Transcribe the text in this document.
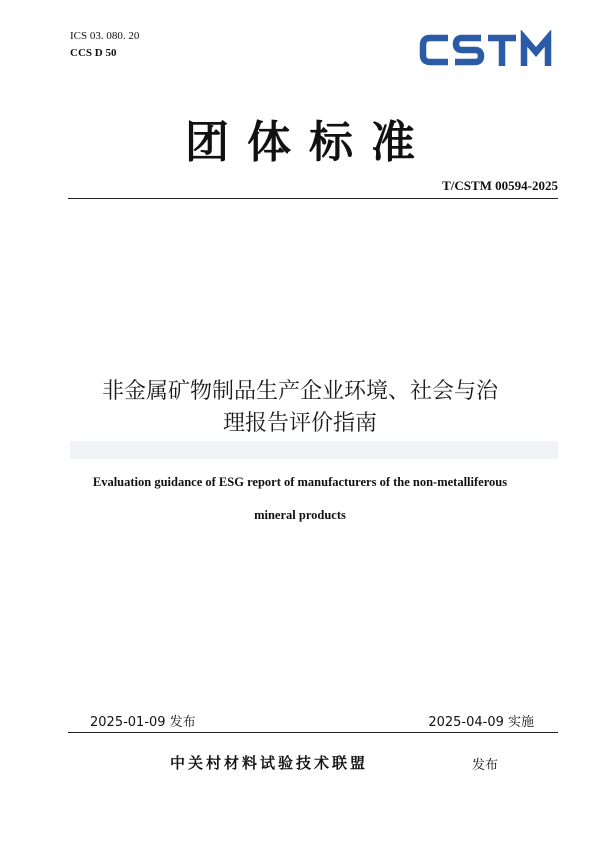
ICS 03. 080. 20
CCS D 50
团体标准
T/CSTM 00594-2025
非金属矿物制品生产企业环境、社会与治
理报告评价指南
Evaluation guidance of ESG report of manufacturers of the non-metalliferous
mineral products
2025-01-09 发布	2025-04-09 实施
中关村材料试验技术联盟	发布
